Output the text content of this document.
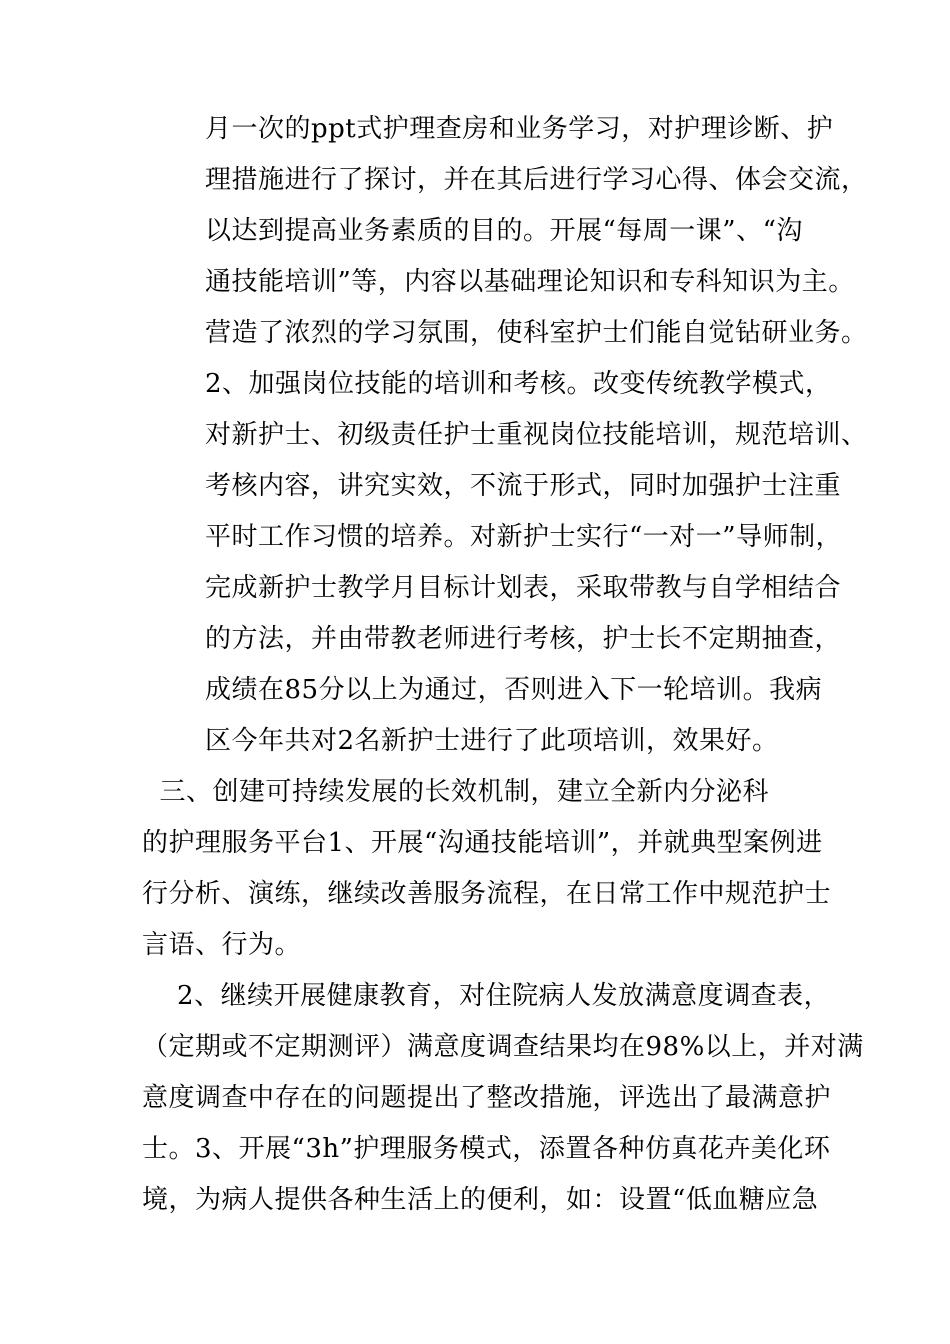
月一次的ppt式护理查房和业务学习，对护理诊断、护
理措施进行了探讨，并在其后进行学习心得、体会交流，
以达到提高业务素质的目的。开展“每周一课”、“沟
通技能培训”等，内容以基础理论知识和专科知识为主。
营造了浓烈的学习氛围，使科室护士们能自觉钻研业务。
2、加强岗位技能的培训和考核。改变传统教学模式，
对新护士、初级责任护士重视岗位技能培训，规范培训、
考核内容，讲究实效，不流于形式，同时加强护士注重
平时工作习惯的培养。对新护士实行“一对一”导师制，
完成新护士教学月目标计划表，采取带教与自学相结合
的方法，并由带教老师进行考核，护士长不定期抽查，
成绩在85分以上为通过，否则进入下一轮培训。我病
区今年共对2名新护士进行了此项培训，效果好。
三、创建可持续发展的长效机制，建立全新内分泌科
的护理服务平台1、开展“沟通技能培训”，并就典型案例进
行分析、演练，继续改善服务流程，在日常工作中规范护士
言语、行为。
2、继续开展健康教育，对住院病人发放满意度调查表，
（定期或不定期测评）满意度调查结果均在98%以上，并对满
意度调查中存在的问题提出了整改措施，评选出了最满意护
士。3、开展“3h”护理服务模式，添置各种仿真花卉美化环
境，为病人提供各种生活上的便利，如：设置“低血糖应急
